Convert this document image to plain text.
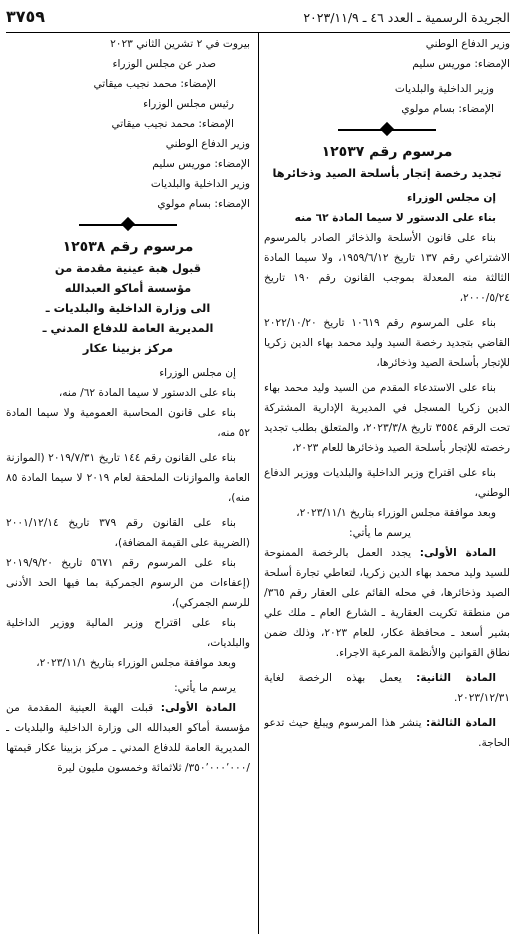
الجريدة الرسمية ـ العدد ٤٦ ـ ٢٠٢٣/١١/٩
٣٧٥٩

وزير الدفاع الوطني

الإمضاء: موريس سليم

وزير الداخلية والبلديات

الإمضاء: بسام مولوي

مرسوم رقم ١٢٥٣٧
تجديد رخصة إتجار بأسلحة الصيد وذخائرها

إن مجلس الوزراء

بناء على الدستور لا سيما المادة ٦٢ منه

بناء على قانون الأسلحة والذخائر الصادر بالمرسوم الاشتراعي رقم ١٣٧ تاريخ ١٩٥٩/٦/١٢، ولا سيما المادة الثالثة منه المعدلة بموجب القانون رقم ١٩٠ تاريخ ٢٠٠٠/٥/٢٤،

بناء على المرسوم رقم ١٠٦١٩ تاريخ ٢٠٢٢/١٠/٢٠ القاضي بتجديد رخصة السيد وليد محمد بهاء الدين زكريا للإتجار بأسلحة الصيد وذخائرها،

بناء على الاستدعاء المقدم من السيد وليد محمد بهاء الدين زكريا المسجل في المديرية الإدارية المشتركة تحت الرقم ٣٥٥٤ تاريخ ٢٠٢٣/٣/٨، والمتعلق بطلب تجديد رخصته للإتجار بأسلحة الصيد وذخائرها للعام ٢٠٢٣،

بناء على اقتراح وزير الداخلية والبلديات ووزير الدفاع الوطني،

وبعد موافقة مجلس الوزراء بتاريخ ٢٠٢٣/١١/١،

يرسم ما يأتي:

المادة الأولى: يجدد العمل بالرخصة الممنوحة للسيد وليد محمد بهاء الدين زكريا، لتعاطي تجارة أسلحة الصيد وذخائرها، في محله القائم على العقار رقم ٣٦٥/ من منطقة تكريت العقارية ـ الشارع العام ـ ملك علي بشير أسعد ـ محافظة عكار، للعام ٢٠٢٣، وذلك ضمن نطاق القوانين والأنظمة المرعية الاجراء.

المادة الثانية: يعمل بهذه الرخصة لغاية ٢٠٢٣/١٢/٣١.

المادة الثالثة: ينشر هذا المرسوم ويبلغ حيث تدعو الحاجة.

بيروت في ٢ تشرين الثاني ٢٠٢٣

صدر عن مجلس الوزراء

الإمضاء: محمد نجيب ميقاتي

رئيس مجلس الوزراء

الإمضاء: محمد نجيب ميقاتي

وزير الدفاع الوطني

الإمضاء: موريس سليم

وزير الداخلية والبلديات

الإمضاء: بسام مولوي

مرسوم رقم ١٢٥٣٨
قبول هبة عينية مقدمة من
مؤسسة أماكو العبدالله
الى وزارة الداخلية والبلديات ـ
المديرية العامة للدفاع المدني ـ
مركز بزبينا عكار

إن مجلس الوزراء

بناء على الدستور لا سيما المادة ٦٢/ منه،

بناء على قانون المحاسبة العمومية ولا سيما المادة ٥٢ منه،

بناء على القانون رقم ١٤٤ تاريخ ٢٠١٩/٧/٣١ (الموازنة العامة والموازنات الملحقة لعام ٢٠١٩ لا سيما المادة ٨٥ منه)،

بناء على القانون رقم ٣٧٩ تاريخ ٢٠٠١/١٢/١٤ (الضريبة على القيمة المضافة)،

بناء على المرسوم رقم ٥٦٧١ تاريخ ٢٠١٩/٩/٢٠ (إعفاءات من الرسوم الجمركية بما فيها الحد الأدنى للرسم الجمركي)،

بناء على اقتراح وزير المالية ووزير الداخلية والبلديات،

وبعد موافقة مجلس الوزراء بتاريخ ٢٠٢٣/١١/١،

يرسم ما يأتي:

المادة الأولى: قبلت الهبة العينية المقدمة من مؤسسة أماكو العبدالله الى وزارة الداخلية والبلديات ـ المديرية العامة للدفاع المدني ـ مركز بزبينا عكار قيمتها /٣٥٠٬٠٠٠٬٠٠٠/ ثلاثمائة وخمسون مليون ليرة
